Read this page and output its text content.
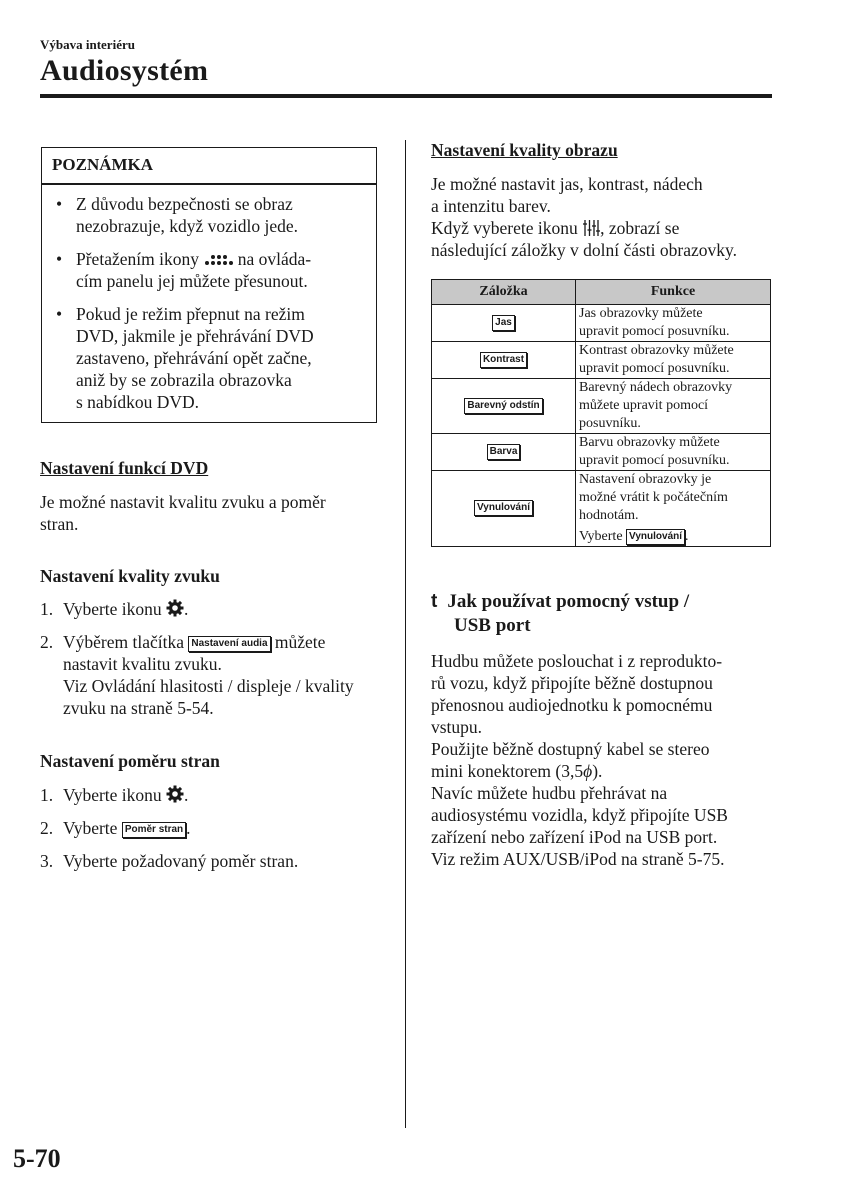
Výbava interiéru
Audiosystém
POZNÁMKA
• Z důvodu bezpečnosti se obraz
nezobrazuje, když vozidlo jede.
• Přetažením ikony na ovláda-
cím panelu jej můžete přesunout.
• Pokud je režim přepnut na režim
DVD, jakmile je přehrávání DVD
zastaveno, přehrávání opět začne,
aniž by se zobrazila obrazovka
s nabídkou DVD.
Nastavení funkcí DVD
Je možné nastavit kvalitu zvuku a poměr
stran.
Nastavení kvality zvuku
1. Vyberte ikonu .
2. Výběrem tlačítka Nastavení audia můžete
nastavit kvalitu zvuku.
Viz Ovládání hlasitosti / displeje / kvality
zvuku na straně 5-54.
Nastavení poměru stran
1. Vyberte ikonu .
2. Vyberte Poměr stran .
3. Vyberte požadovaný poměr stran.
Nastavení kvality obrazu
Je možné nastavit jas, kontrast, nádech
a intenzitu barev.
Když vyberete ikonu , zobrazí se
následující záložky v dolní části obrazovky.
Záložka	Funkce
Jas	Jas obrazovky můžete
upravit pomocí posuvníku.
Kontrast	Kontrast obrazovky můžete
upravit pomocí posuvníku.
Barevný odstín	Barevný nádech obrazovky
můžete upravit pomocí
posuvníku.
Barva	Barvu obrazovky můžete
upravit pomocí posuvníku.
Vynulování	Nastavení obrazovky je
možné vrátit k počátečním
hodnotám.
Vyberte Vynulování .
t Jak používat pomocný vstup /
USB port
Hudbu můžete poslouchat i z reprodukto-
rů vozu, když připojíte běžně dostupnou
přenosnou audiojednotku k pomocnému
vstupu.
Použijte běžně dostupný kabel se stereo
mini konektorem (3,5ϕ).
Navíc můžete hudbu přehrávat na
audiosystému vozidla, když připojíte USB
zařízení nebo zařízení iPod na USB port.
Viz režim AUX/USB/iPod na straně 5-75.
5-70
